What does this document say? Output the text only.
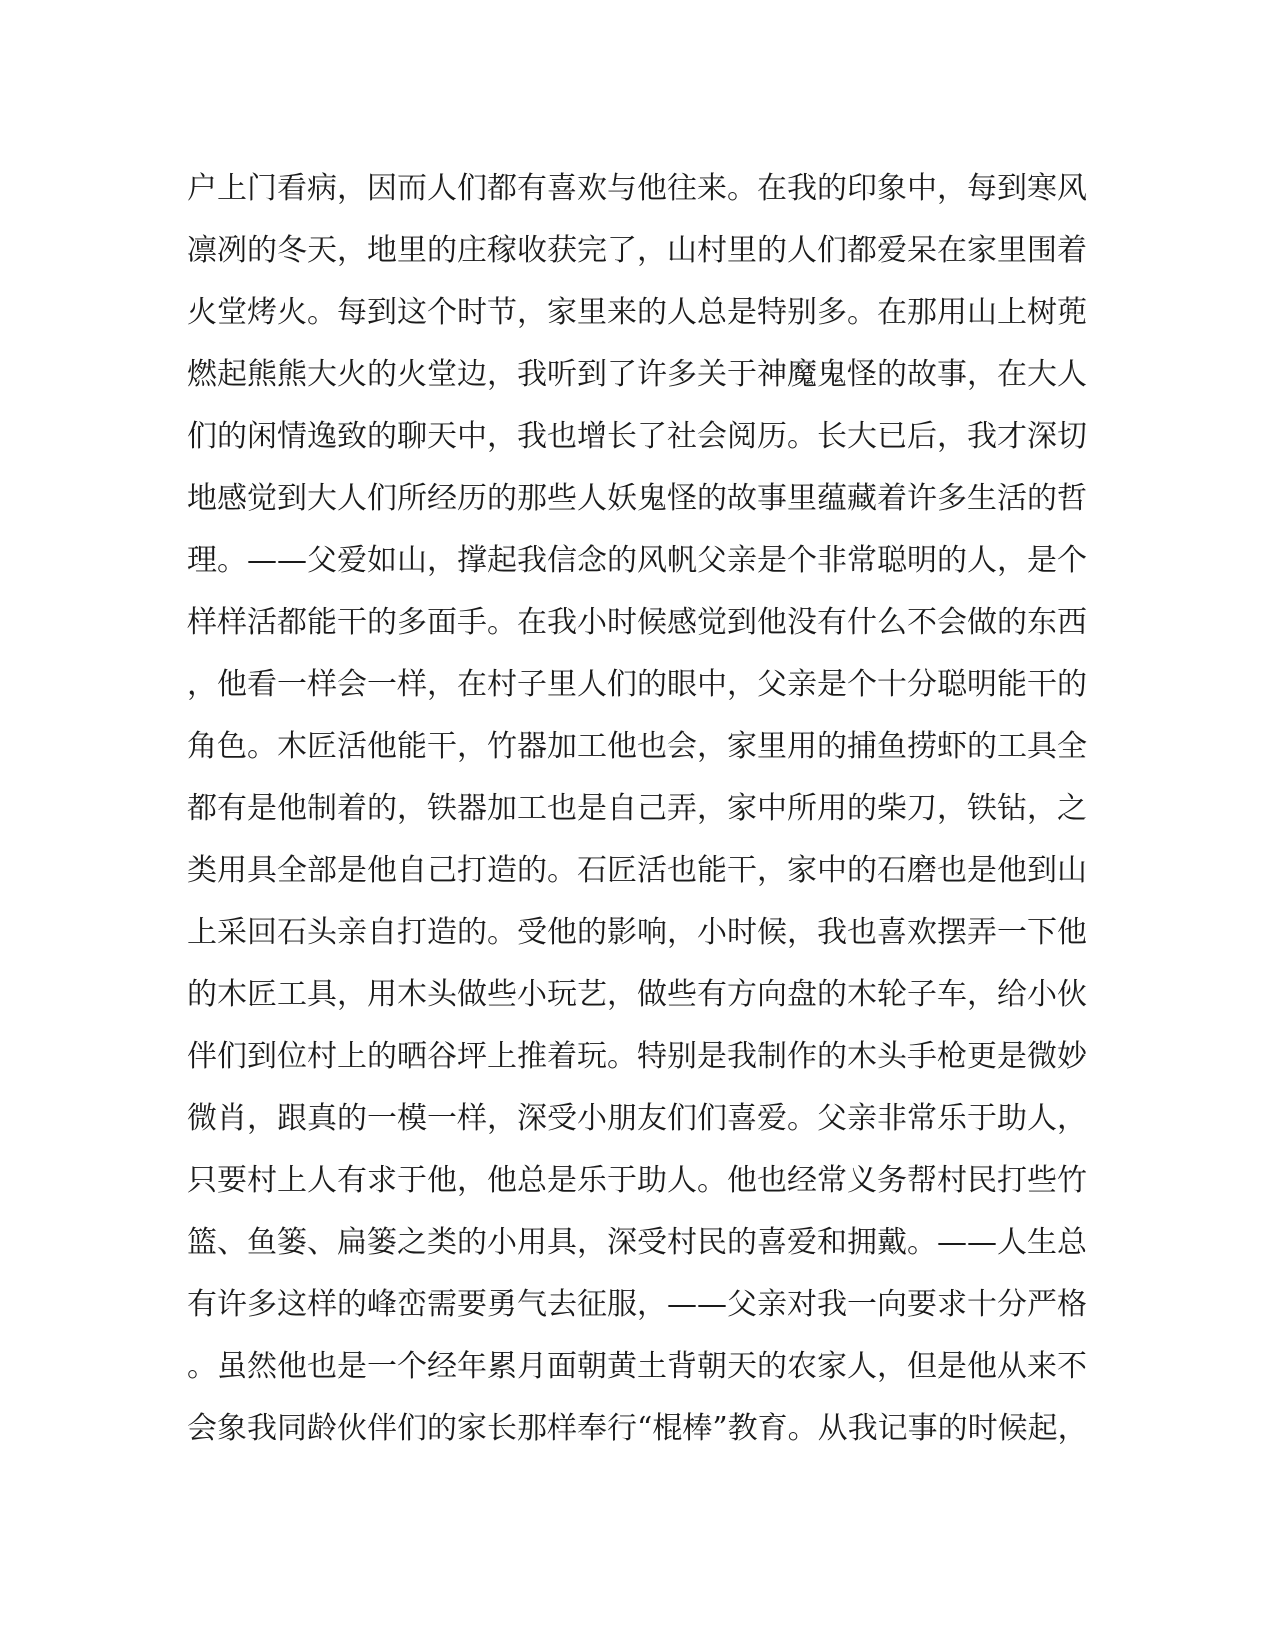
户上门看病，因而人们都有喜欢与他往来。在我的印象中，每到寒风
凛冽的冬天，地里的庄稼收获完了，山村里的人们都爱呆在家里围着
火堂烤火。每到这个时节，家里来的人总是特别多。在那用山上树蔸
燃起熊熊大火的火堂边，我听到了许多关于神魔鬼怪的故事，在大人
们的闲情逸致的聊天中，我也增长了社会阅历。长大已后，我才深切
地感觉到大人们所经历的那些人妖鬼怪的故事里蕴藏着许多生活的哲
理。——父爱如山，撑起我信念的风帆父亲是个非常聪明的人，是个
样样活都能干的多面手。在我小时候感觉到他没有什么不会做的东西
，他看一样会一样，在村子里人们的眼中，父亲是个十分聪明能干的
角色。木匠活他能干，竹器加工他也会，家里用的捕鱼捞虾的工具全
都有是他制着的，铁器加工也是自己弄，家中所用的柴刀，铁钻，之
类用具全部是他自己打造的。石匠活也能干，家中的石磨也是他到山
上采回石头亲自打造的。受他的影响，小时候，我也喜欢摆弄一下他
的木匠工具，用木头做些小玩艺，做些有方向盘的木轮子车，给小伙
伴们到位村上的晒谷坪上推着玩。特别是我制作的木头手枪更是微妙
微肖，跟真的一模一样，深受小朋友们们喜爱。父亲非常乐于助人，
只要村上人有求于他，他总是乐于助人。他也经常义务帮村民打些竹
篮、鱼篓、扁篓之类的小用具，深受村民的喜爱和拥戴。——人生总
有许多这样的峰峦需要勇气去征服，——父亲对我一向要求十分严格
。虽然他也是一个经年累月面朝黄土背朝天的农家人，但是他从来不
会象我同龄伙伴们的家长那样奉行“棍棒”教育。从我记事的时候起，
